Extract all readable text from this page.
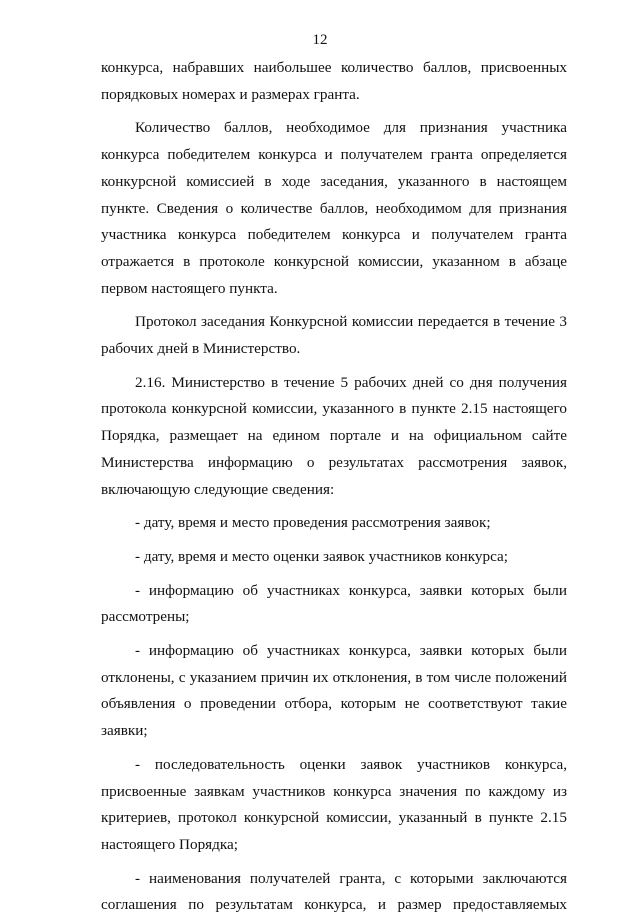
12

конкурса, набравших наибольшее количество баллов, присвоенных порядковых номерах и размерах гранта.

Количество баллов, необходимое для признания участника конкурса победителем конкурса и получателем гранта определяется конкурсной комиссией в ходе заседания, указанного в настоящем пункте. Сведения о количестве баллов, необходимом для признания участника конкурса победителем конкурса и получателем гранта отражается в протоколе конкурсной комиссии, указанном в абзаце первом настоящего пункта.

Протокол заседания Конкурсной комиссии передается в течение 3 рабочих дней в Министерство.

2.16. Министерство в течение 5 рабочих дней со дня получения протокола конкурсной комиссии, указанного в пункте 2.15 настоящего Порядка, размещает на едином портале и на официальном сайте Министерства информацию о результатах рассмотрения заявок, включающую следующие сведения:

- дату, время и место проведения рассмотрения заявок;

- дату, время и место оценки заявок участников конкурса;

- информацию об участниках конкурса, заявки которых были рассмотрены;

- информацию об участниках конкурса, заявки которых были отклонены, с указанием причин их отклонения, в том числе положений объявления о проведении отбора, которым не соответствуют такие заявки;

- последовательность оценки заявок участников конкурса, присвоенные заявкам участников конкурса значения по каждому из критериев, протокол конкурсной комиссии, указанный в пункте 2.15 настоящего Порядка;

- наименования получателей гранта, с которыми заключаются соглашения по результатам конкурса, и размер предоставляемых
